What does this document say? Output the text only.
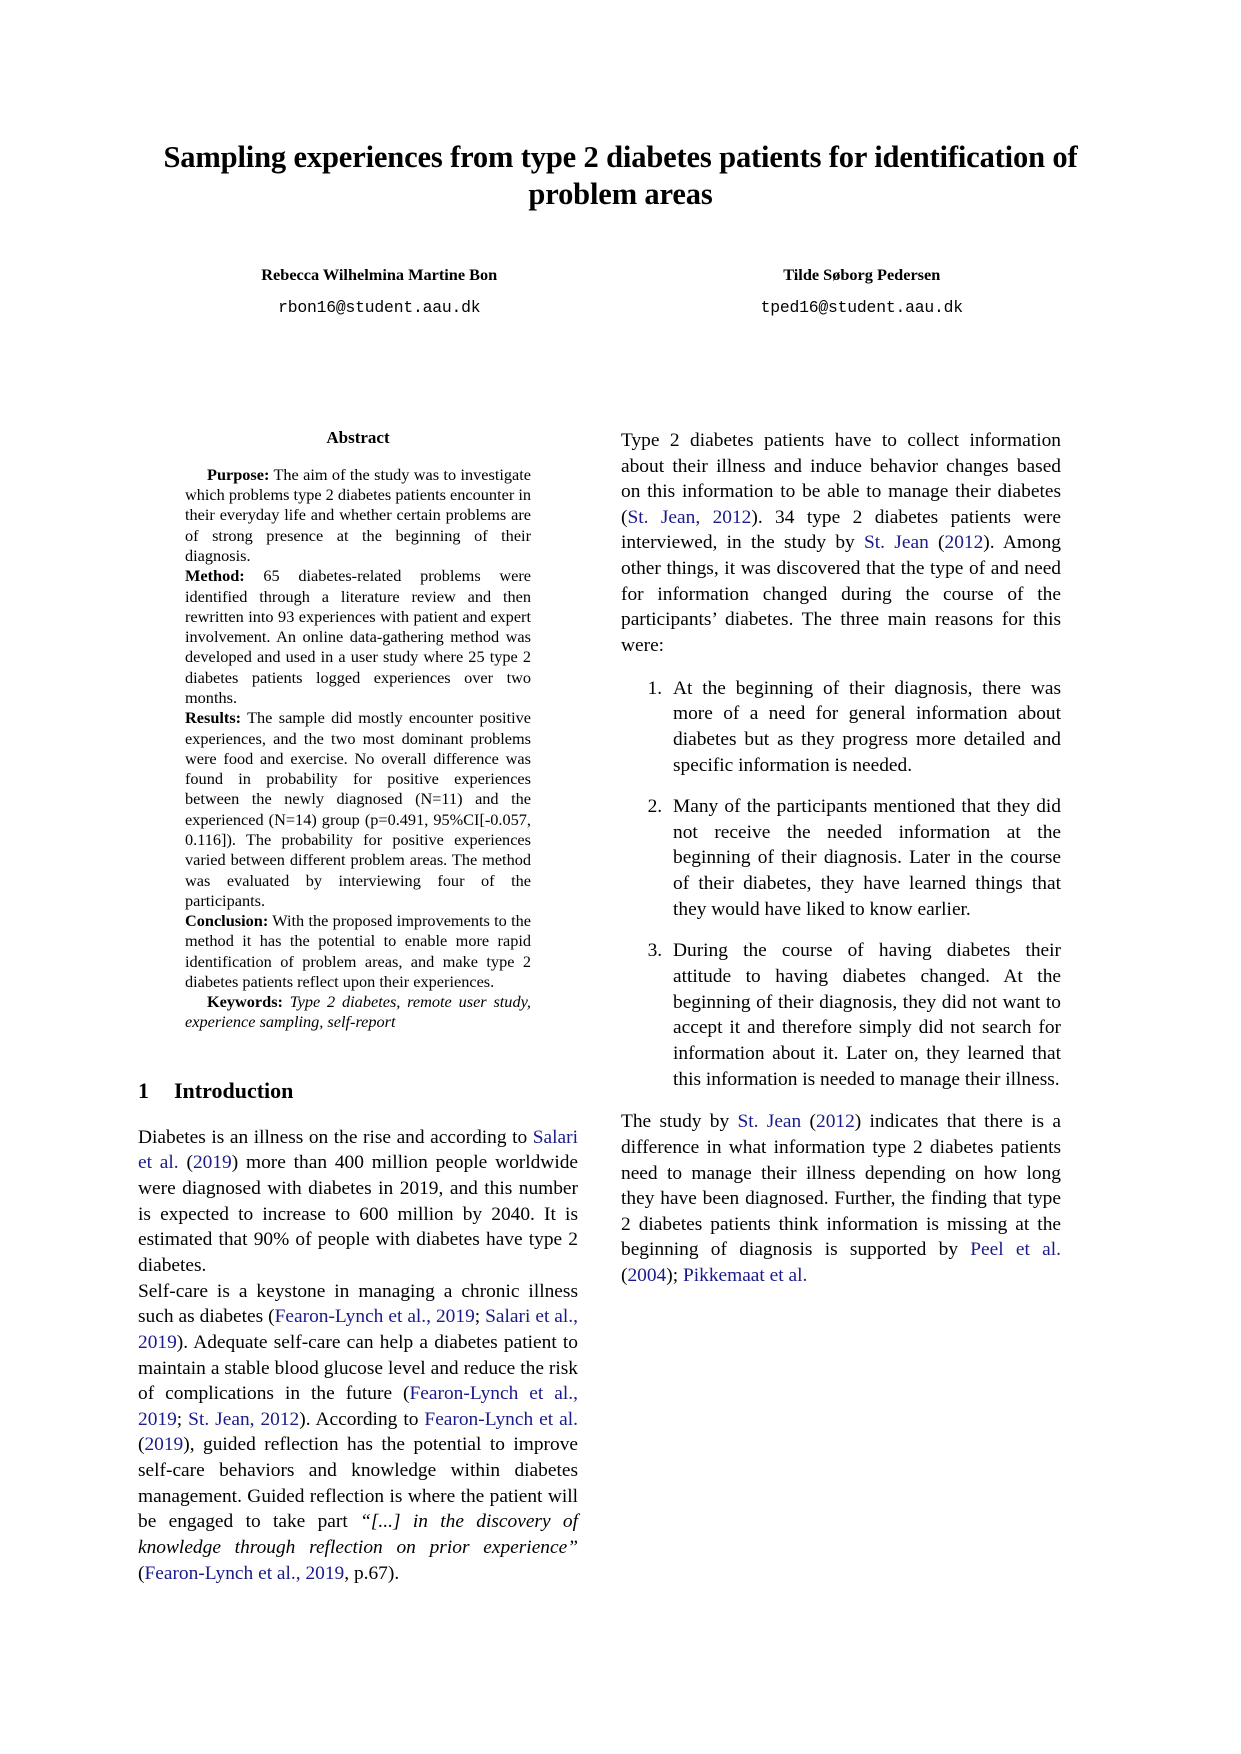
Sampling experiences from type 2 diabetes patients for identification of problem areas
Rebecca Wilhelmina Martine Bon
rbon16@student.aau.dk
Tilde Søborg Pedersen
tped16@student.aau.dk
Abstract

Purpose: The aim of the study was to investigate which problems type 2 diabetes patients encounter in their everyday life and whether certain problems are of strong presence at the beginning of their diagnosis.

Method: 65 diabetes-related problems were identified through a literature review and then rewritten into 93 experiences with patient and expert involvement. An online data-gathering method was developed and used in a user study where 25 type 2 diabetes patients logged experiences over two months.

Results: The sample did mostly encounter positive experiences, and the two most dominant problems were food and exercise. No overall difference was found in probability for positive experiences between the newly diagnosed (N=11) and the experienced (N=14) group (p=0.491, 95%CI[-0.057, 0.116]). The probability for positive experiences varied between different problem areas. The method was evaluated by interviewing four of the participants.

Conclusion: With the proposed improvements to the method it has the potential to enable more rapid identification of problem areas, and make type 2 diabetes patients reflect upon their experiences.

Keywords: Type 2 diabetes, remote user study, experience sampling, self-report

1	Introduction

Diabetes is an illness on the rise and according to Salari et al. (2019) more than 400 million people worldwide were diagnosed with diabetes in 2019, and this number is expected to increase to 600 million by 2040. It is estimated that 90% of people with diabetes have type 2 diabetes.

Self-care is a keystone in managing a chronic illness such as diabetes (Fearon-Lynch et al., 2019; Salari et al., 2019). Adequate self-care can help a diabetes patient to maintain a stable blood glucose level and reduce the risk of complications in the future (Fearon-Lynch et al., 2019; St. Jean, 2012). According to Fearon-Lynch et al. (2019), guided reflection has the potential to improve self-care behaviors and knowledge within diabetes management. Guided reflection is where the patient will be engaged to take part “[...] in the discovery of knowledge through reflection on prior experience” (Fearon-Lynch et al., 2019, p.67).

Type 2 diabetes patients have to collect information about their illness and induce behavior changes based on this information to be able to manage their diabetes (St. Jean, 2012). 34 type 2 diabetes patients were interviewed, in the study by St. Jean (2012). Among other things, it was discovered that the type of and need for information changed during the course of the participants’ diabetes. The three main reasons for this were:

1. At the beginning of their diagnosis, there was more of a need for general information about diabetes but as they progress more detailed and specific information is needed.
2. Many of the participants mentioned that they did not receive the needed information at the beginning of their diagnosis. Later in the course of their diabetes, they have learned things that they would have liked to know earlier.
3. During the course of having diabetes their attitude to having diabetes changed. At the beginning of their diagnosis, they did not want to accept it and therefore simply did not search for information about it. Later on, they learned that this information is needed to manage their illness.

The study by St. Jean (2012) indicates that there is a difference in what information type 2 diabetes patients need to manage their illness depending on how long they have been diagnosed. Further, the finding that type 2 diabetes patients think information is missing at the beginning of diagnosis is supported by Peel et al. (2004); Pikkemaat et al.
